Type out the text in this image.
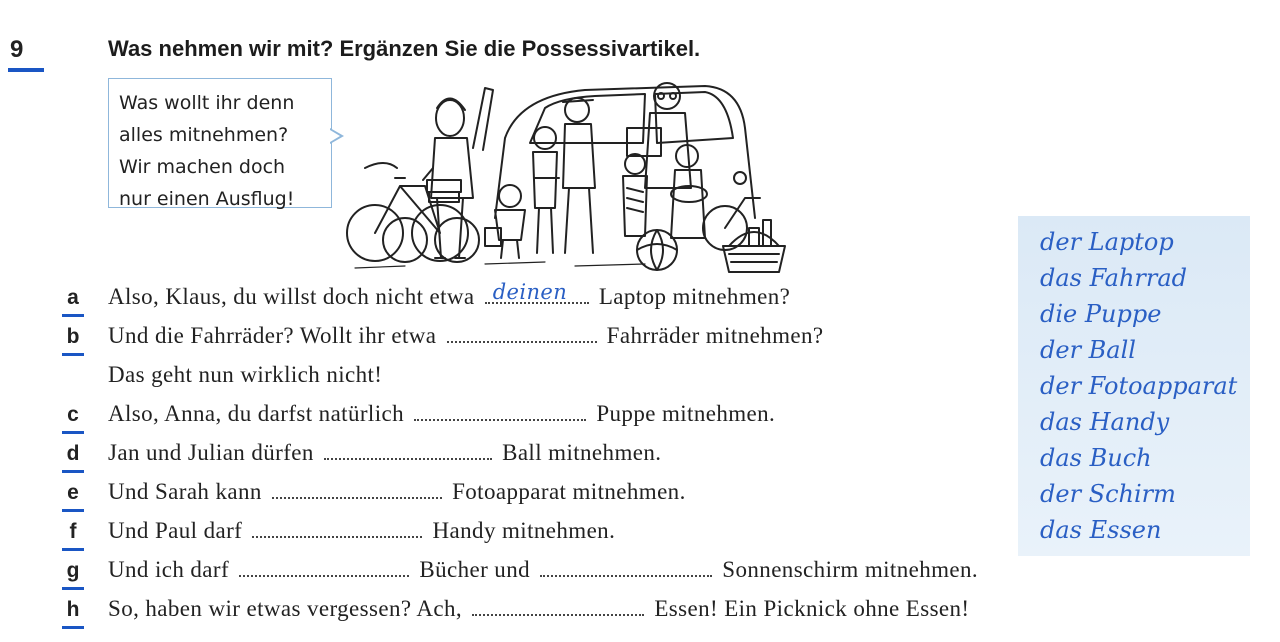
9	Was nehmen wir mit? Ergänzen Sie die Possessivartikel.
Was wollt ihr denn
alles mitnehmen?
Wir machen doch
nur einen Ausflug!
der Laptop
das Fahrrad
die Puppe
der Ball
der Fotoapparat
das Handy
das Buch
der Schirm
das Essen
a	Also, Klaus, du willst doch nicht etwa deinen Laptop mitnehmen?
b Und die Fahrräder? Wollt ihr etwa	Fahrräder mitnehmen?
Das geht nun wirklich nicht!
c	Also, Anna, du darfst natürlich	Puppe mitnehmen.
d Jan und Julian dürfen	Ball mitnehmen.
e	Und Sarah kann	Fotoapparat mitnehmen.
f	Und Paul darf	Handy mitnehmen.
g Und ich darf	Bücher und	Sonnenschirm mitnehmen.
h So, haben wir etwas vergessen? Ach,	Essen! Ein Picknick ohne Essen!
